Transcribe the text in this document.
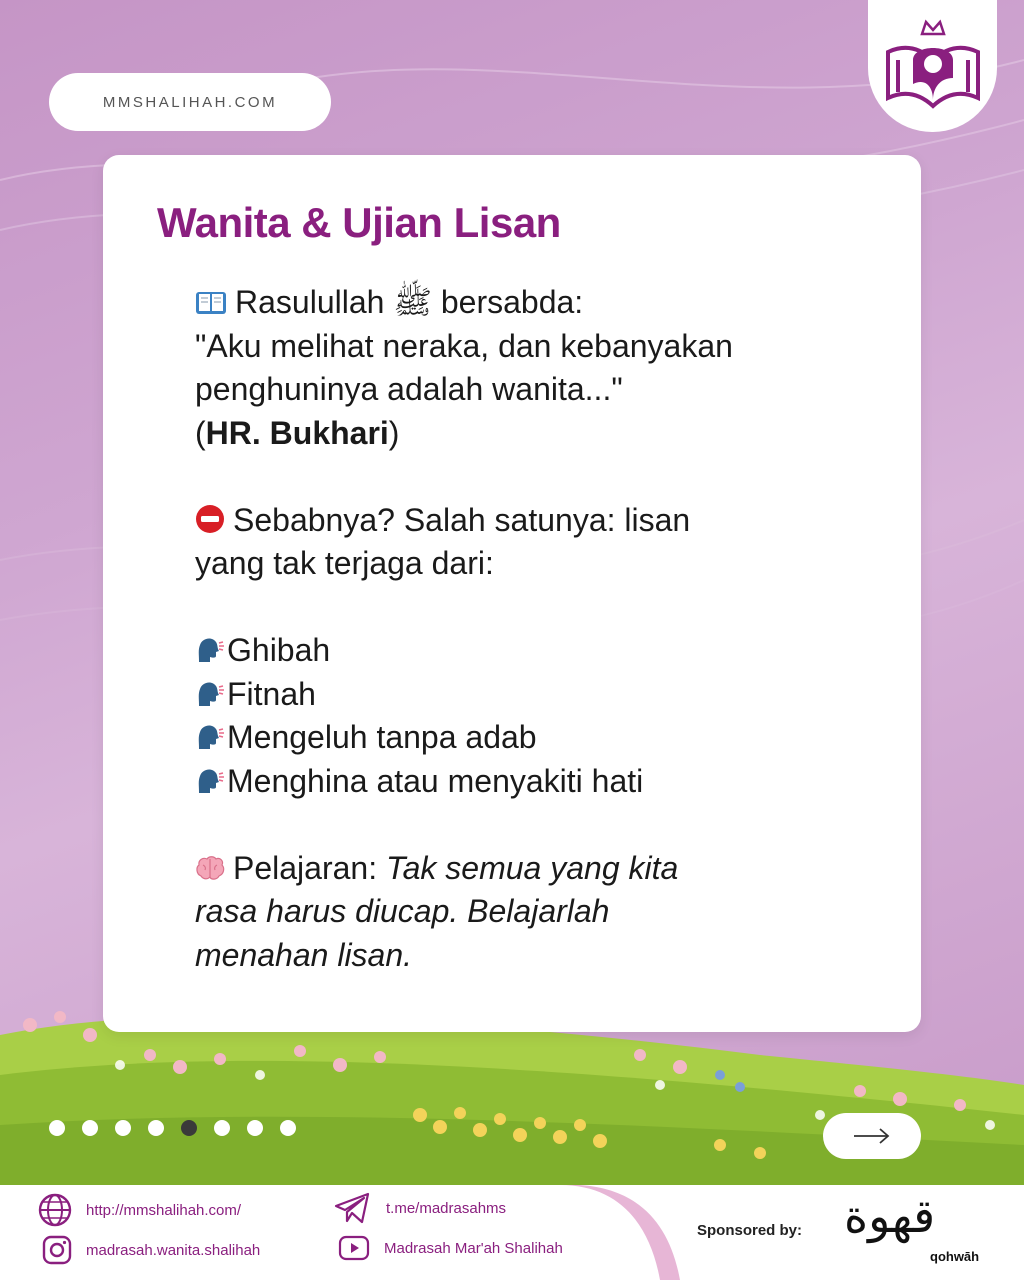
MMSHALIHAH.COM
Wanita & Ujian Lisan
Rasulullah ﷺ bersabda:
"Aku melihat neraka, dan kebanyakan
penghuninya adalah wanita..."
(HR. Bukhari)
Sebabnya? Salah satunya: lisan
yang tak terjaga dari:
Ghibah
Fitnah
Mengeluh tanpa adab
Menghina atau menyakiti hati
Pelajaran: Tak semua yang kita
rasa harus diucap. Belajarlah
menahan lisan.
http://mmshalihah.com/
madrasah.wanita.shalihah
t.me/madrasahms
Madrasah Mar'ah Shalihah
Sponsored by: قهوة
qohwāh
